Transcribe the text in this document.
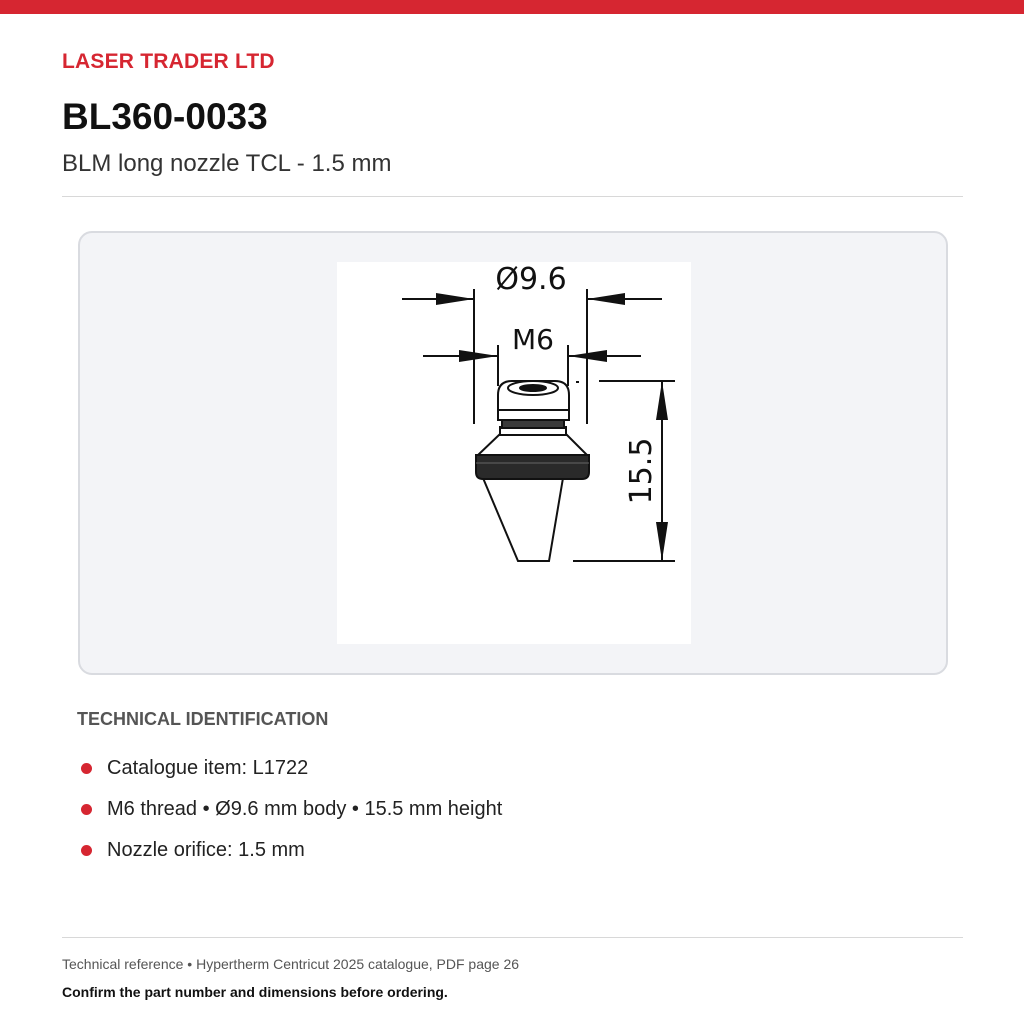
LASER TRADER LTD

BL360-0033

BLM long nozzle TCL - 1.5 mm

Ø9.6
M6
15.5
TECHNICAL IDENTIFICATION
Catalogue item: L1722
M6 thread • Ø9.6 mm body • 15.5 mm height
Nozzle orifice: 1.5 mm

Technical reference • Hypertherm Centricut 2025 catalogue, PDF page 26

Confirm the part number and dimensions before ordering.
